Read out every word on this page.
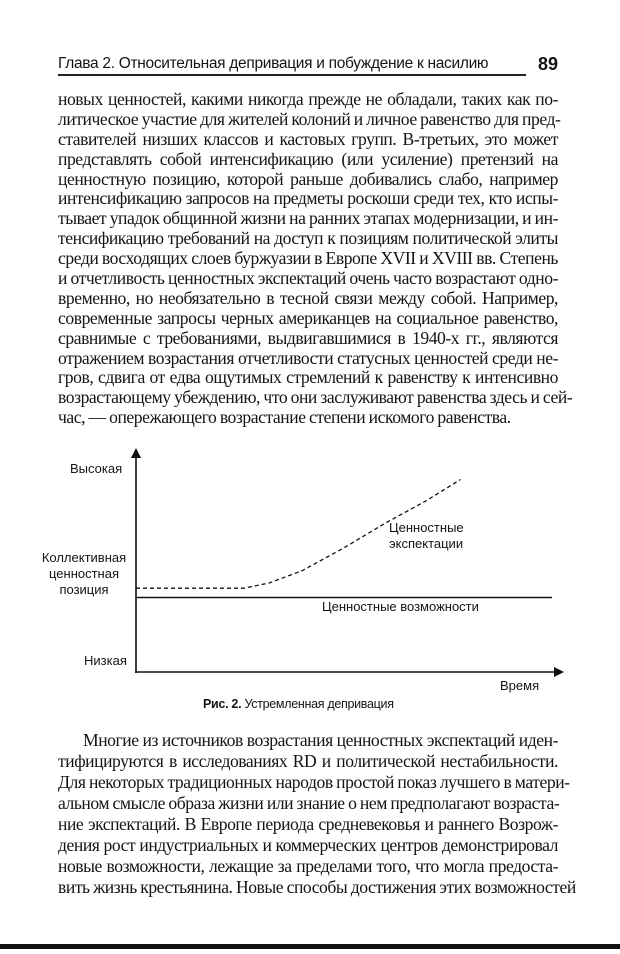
Глава 2. Относительная депривация и побуждение к насилию	89
новых ценностей, какими никогда прежде не обладали, таких как по-
литическое участие для жителей колоний и личное равенство для пред-
ставителей низших классов и кастовых групп. В-третьих, это может
представлять собой интенсификацию (или усиление) претензий на
ценностную позицию, которой раньше добивались слабо, например
интенсификацию запросов на предметы роскоши среди тех, кто испы-
тывает упадок общинной жизни на ранних этапах модернизации, и ин-
тенсификацию требований на доступ к позициям политической элиты
среди восходящих слоев буржуазии в Европе XVII и XVIII вв. Степень
и отчетливость ценностных экспектаций очень часто возрастают одно-
временно, но необязательно в тесной связи между собой. Например,
современные запросы черных американцев на социальное равенство,
сравнимые с требованиями, выдвигавшимися в 1940-х гг., являются
отражением возрастания отчетливости статусных ценностей среди не-
гров, сдвига от едва ощутимых стремлений к равенству к интенсивно
возрастающему убеждению, что они заслуживают равенства здесь и сей-
час, — опережающего возрастание степени искомого равенства.
Высокая
Коллективная
ценностная
позиция
Низкая
Ценностные
экспектации
Ценностные возможности
Время
Рис. 2. Устремленная депривация
Многие из источников возрастания ценностных экспектаций иден-
тифицируются в исследованиях RD и политической нестабильности.
Для некоторых традиционных народов простой показ лучшего в матери-
альном смысле образа жизни или знание о нем предполагают возраста-
ние экспектаций. В Европе периода средневековья и раннего Возрож-
дения рост индустриальных и коммерческих центров демонстрировал
новые возможности, лежащие за пределами того, что могла предоста-
вить жизнь крестьянина. Новые способы достижения этих возможностей
